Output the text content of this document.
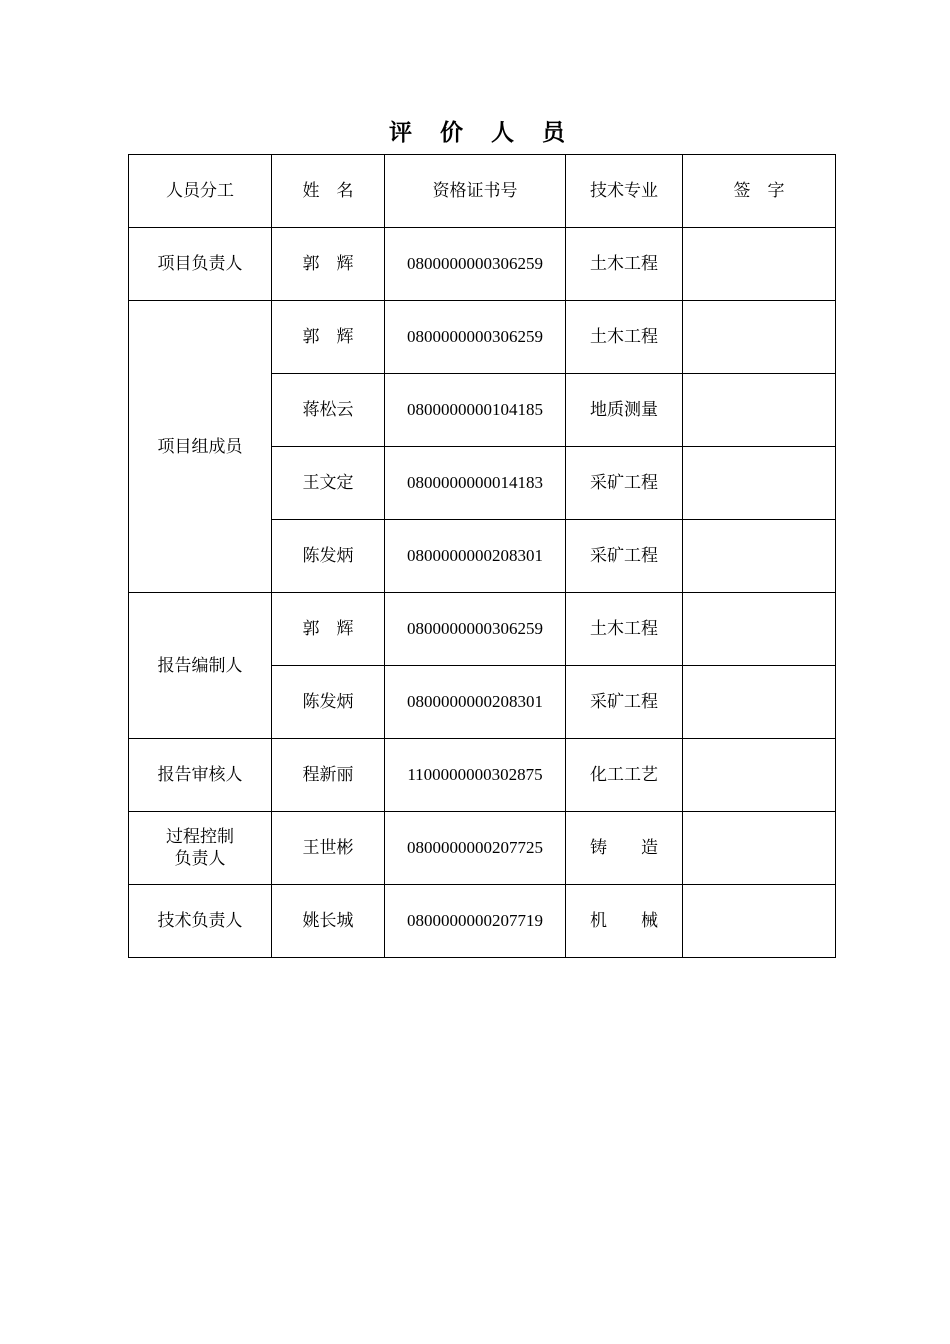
评 价 人 员
人员分工	姓　名	资格证书号	技术专业	签　字
项目负责人	郭　辉	0800000000306259	土木工程	
项目组成员	郭　辉	0800000000306259	土木工程	
	蒋松云	0800000000104185	地质测量	
	王文定	0800000000014183	采矿工程	
	陈发炳	0800000000208301	采矿工程	
报告编制人	郭　辉	0800000000306259	土木工程	
	陈发炳	0800000000208301	采矿工程	
报告审核人	程新丽	1100000000302875	化工工艺	
过程控制
负责人	王世彬	0800000000207725	铸　　造	
技术负责人	姚长城	0800000000207719	机　　械	
